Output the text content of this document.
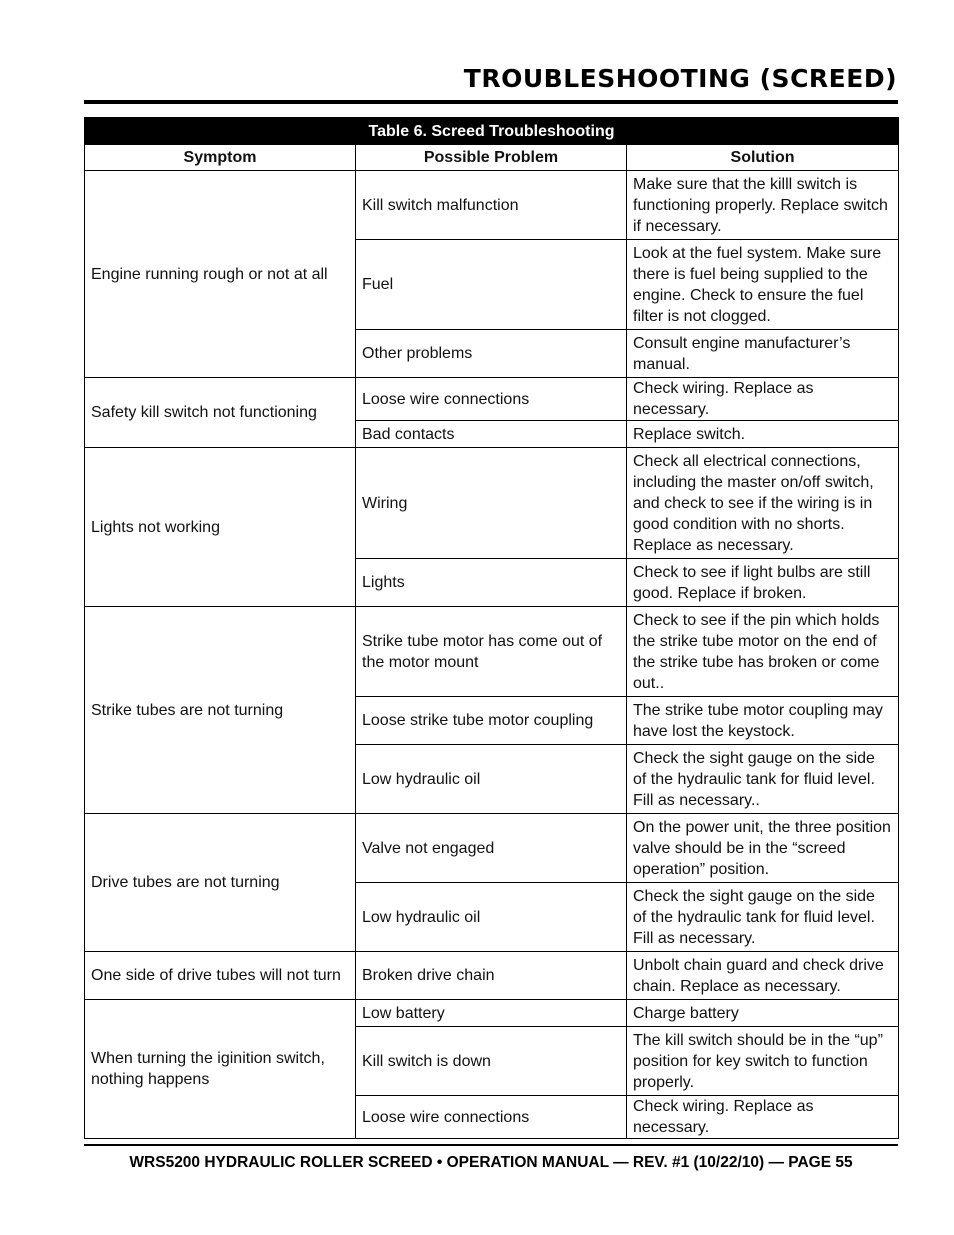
TROUBLESHOOTING (SCREED)
Table 6. Screed Troubleshooting		
Symptom	Possible Problem	Solution
Engine running rough or not at all	Kill switch malfunction	Make sure that the killl switch is functioning properly. Replace switch if necessary.
	Fuel	Look at the fuel system. Make sure there is fuel being supplied to the engine. Check to ensure the fuel filter is not clogged.
	Other problems	Consult engine manufacturer’s manual.
Safety kill switch not functioning	Loose wire connections	Check wiring. Replace as necessary.
	Bad contacts	Replace switch.
Lights not working	Wiring	Check all electrical connections, including the master on/off switch, and check to see if the wiring is in good condition with no shorts. Replace as necessary.
	Lights	Check to see if light bulbs are still good. Replace if broken.
Strike tubes are not turning	Strike tube motor has come out of the motor mount	Check to see if the pin which holds the strike tube motor on the end of the strike tube has broken or come out..
	Loose strike tube motor coupling	The strike tube motor coupling may have lost the keystock.
	Low hydraulic oil	Check the sight gauge on the side of the hydraulic tank for fluid level. Fill as necessary..
Drive tubes are not turning	Valve not engaged	On the power unit, the three position valve should be in the “screed operation” position.
	Low hydraulic oil	Check the sight gauge on the side of the hydraulic tank for fluid level. Fill as necessary.
One side of drive tubes will not turn	Broken drive chain	Unbolt chain guard and check drive chain. Replace as necessary.
When turning the iginition switch, nothing happens	Low battery	Charge battery
	Kill switch is down	The kill switch should be in the “up” position for key switch to function properly.
	Loose wire connections	Check wiring. Replace as necessary.
WRS5200 HYDRAULIC ROLLER SCREED • OPERATION MANUAL — REV. #1 (10/22/10) — PAGE 55
